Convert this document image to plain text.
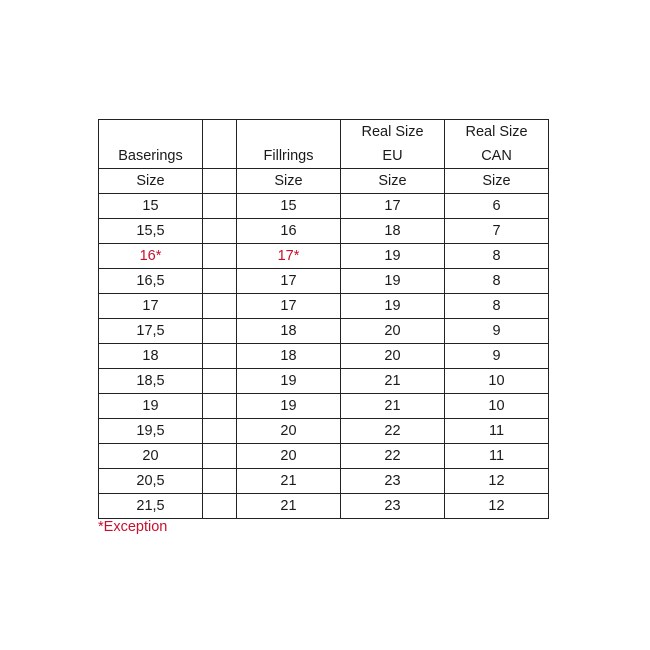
			Real Size	Real Size
Baserings		Fillrings	EU	CAN
Size		Size	Size	Size
15		15	17	6
15,5		16	18	7
16*		17*	19	8
16,5		17	19	8
17		17	19	8
17,5		18	20	9
18		18	20	9
18,5		19	21	10
19		19	21	10
19,5		20	22	11
20		20	22	11
20,5		21	23	12
21,5		21	23	12
*Exception
